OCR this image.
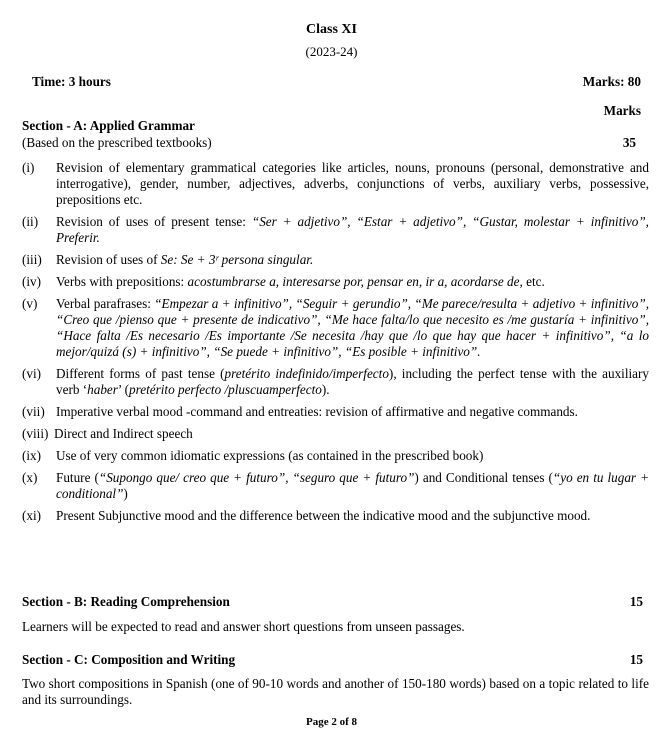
Class XI
(2023-24)
Time: 3 hours	Marks: 80
Marks
Section - A: Applied Grammar
(Based on the prescribed textbooks)	35
(i)	Revision of elementary grammatical categories like articles, nouns, pronouns (personal, demonstrative and interrogative), gender, number, adjectives, adverbs, conjunctions of verbs, auxiliary verbs, possessive, prepositions etc.
(ii)	Revision of uses of present tense: “Ser + adjetivo”, “Estar + adjetivo”, “Gustar, molestar + infinitivo”, Preferir.
(iii)	Revision of uses of Se: Se + 3ʳ persona singular.
(iv)	Verbs with prepositions: acostumbrarse a, interesarse por, pensar en, ir a, acordarse de, etc.
(v)	Verbal parafrases: “Empezar a + infinitivo”, “Seguir + gerundio”, “Me parece/resulta + adjetivo + infinitivo”, “Creo que /pienso que + presente de indicativo”, “Me hace falta/lo que necesito es /me gustaría + infinitivo”, “Hace falta /Es necesario /Es importante /Se necesita /hay que /lo que hay que hacer + infinitivo”, “a lo mejor/quizá (s) + infinitivo”, “Se puede + infinitivo”, “Es posible + infinitivo”.
(vi)	Different forms of past tense (pretérito indefinido/imperfecto), including the perfect tense with the auxiliary verb ‘haber’ (pretérito perfecto /pluscuamperfecto).
(vii) Imperative verbal mood -command and entreaties: revision of affirmative and negative commands.
(viii) Direct and Indirect speech
(ix)	Use of very common idiomatic expressions (as contained in the prescribed book)
(x)	Future (“Supongo que/ creo que + futuro”, “seguro que + futuro”) and Conditional tenses (“yo en tu lugar + conditional”)
(xi)	Present Subjunctive mood and the difference between the indicative mood and the subjunctive mood.
Section - B: Reading Comprehension	15
Learners will be expected to read and answer short questions from unseen passages.
Section - C: Composition and Writing	15
Two short compositions in Spanish (one of 90-10 words and another of 150-180 words) based on a topic related to life and its surroundings.
Page 2 of 8
